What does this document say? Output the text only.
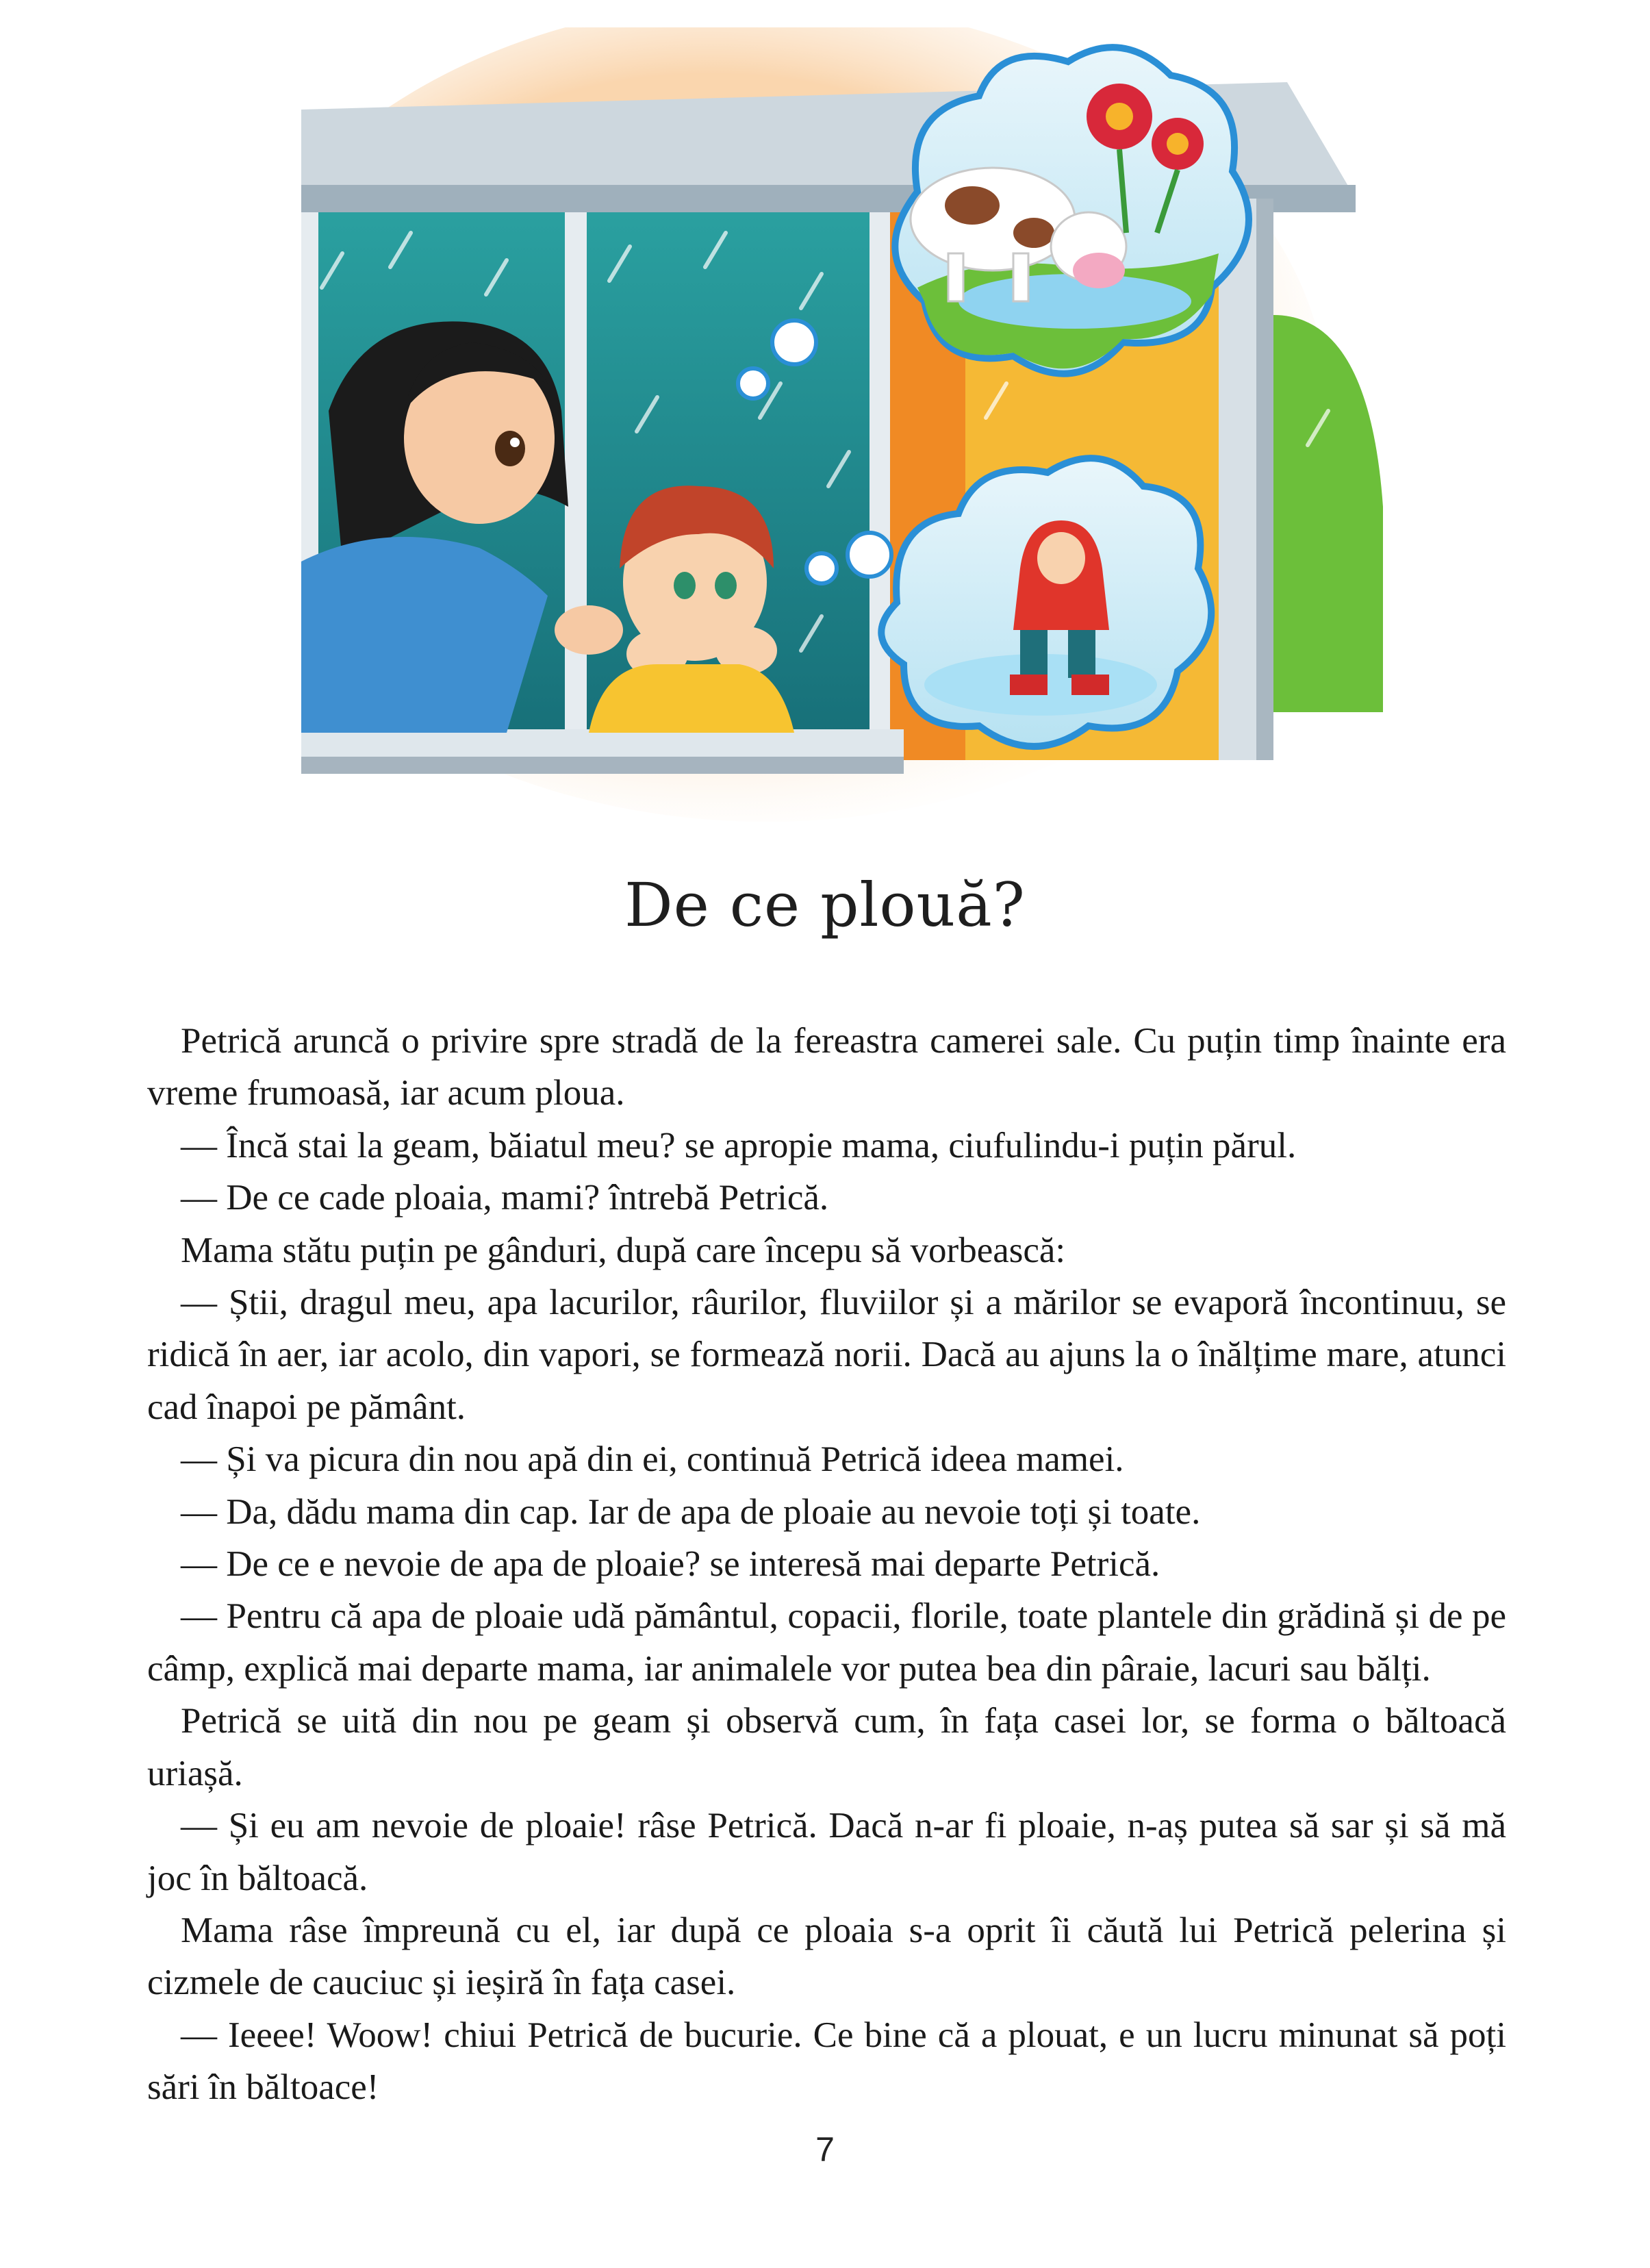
De ce plouă?

Petrică aruncă o privire spre stradă de la fereastra camerei sale. Cu puțin timp înainte era vreme frumoasă, iar acum ploua.

— Încă stai la geam, băiatul meu? se apropie mama, ciufulindu-i puțin părul.

— De ce cade ploaia, mami? întrebă Petrică.

Mama stătu puțin pe gânduri, după care începu să vorbească:

— Știi, dragul meu, apa lacurilor, râurilor, fluviilor și a mărilor se evaporă încontinuu, se ridică în aer, iar acolo, din vapori, se formează norii. Dacă au ajuns la o înălțime mare, atunci cad înapoi pe pământ.

— Și va picura din nou apă din ei, continuă Petrică ideea mamei.

— Da, dădu mama din cap. Iar de apa de ploaie au nevoie toți și toate.

— De ce e nevoie de apa de ploaie? se interesă mai departe Petrică.

— Pentru că apa de ploaie udă pământul, copacii, florile, toate plantele din grădină și de pe câmp, explică mai departe mama, iar animalele vor putea bea din pâraie, lacuri sau bălți.

Petrică se uită din nou pe geam și observă cum, în fața casei lor, se forma o băltoacă uriașă.

— Și eu am nevoie de ploaie! râse Petrică. Dacă n-ar fi ploaie, n-aș putea să sar și să mă joc în băltoacă.

Mama râse împreună cu el, iar după ce ploaia s-a oprit îi căută lui Petrică pelerina și cizmele de cauciuc și ieșiră în fața casei.

— Ieeee! Woow! chiui Petrică de bucurie. Ce bine că a plouat, e un lucru minunat să poți sări în băltoace!

7
